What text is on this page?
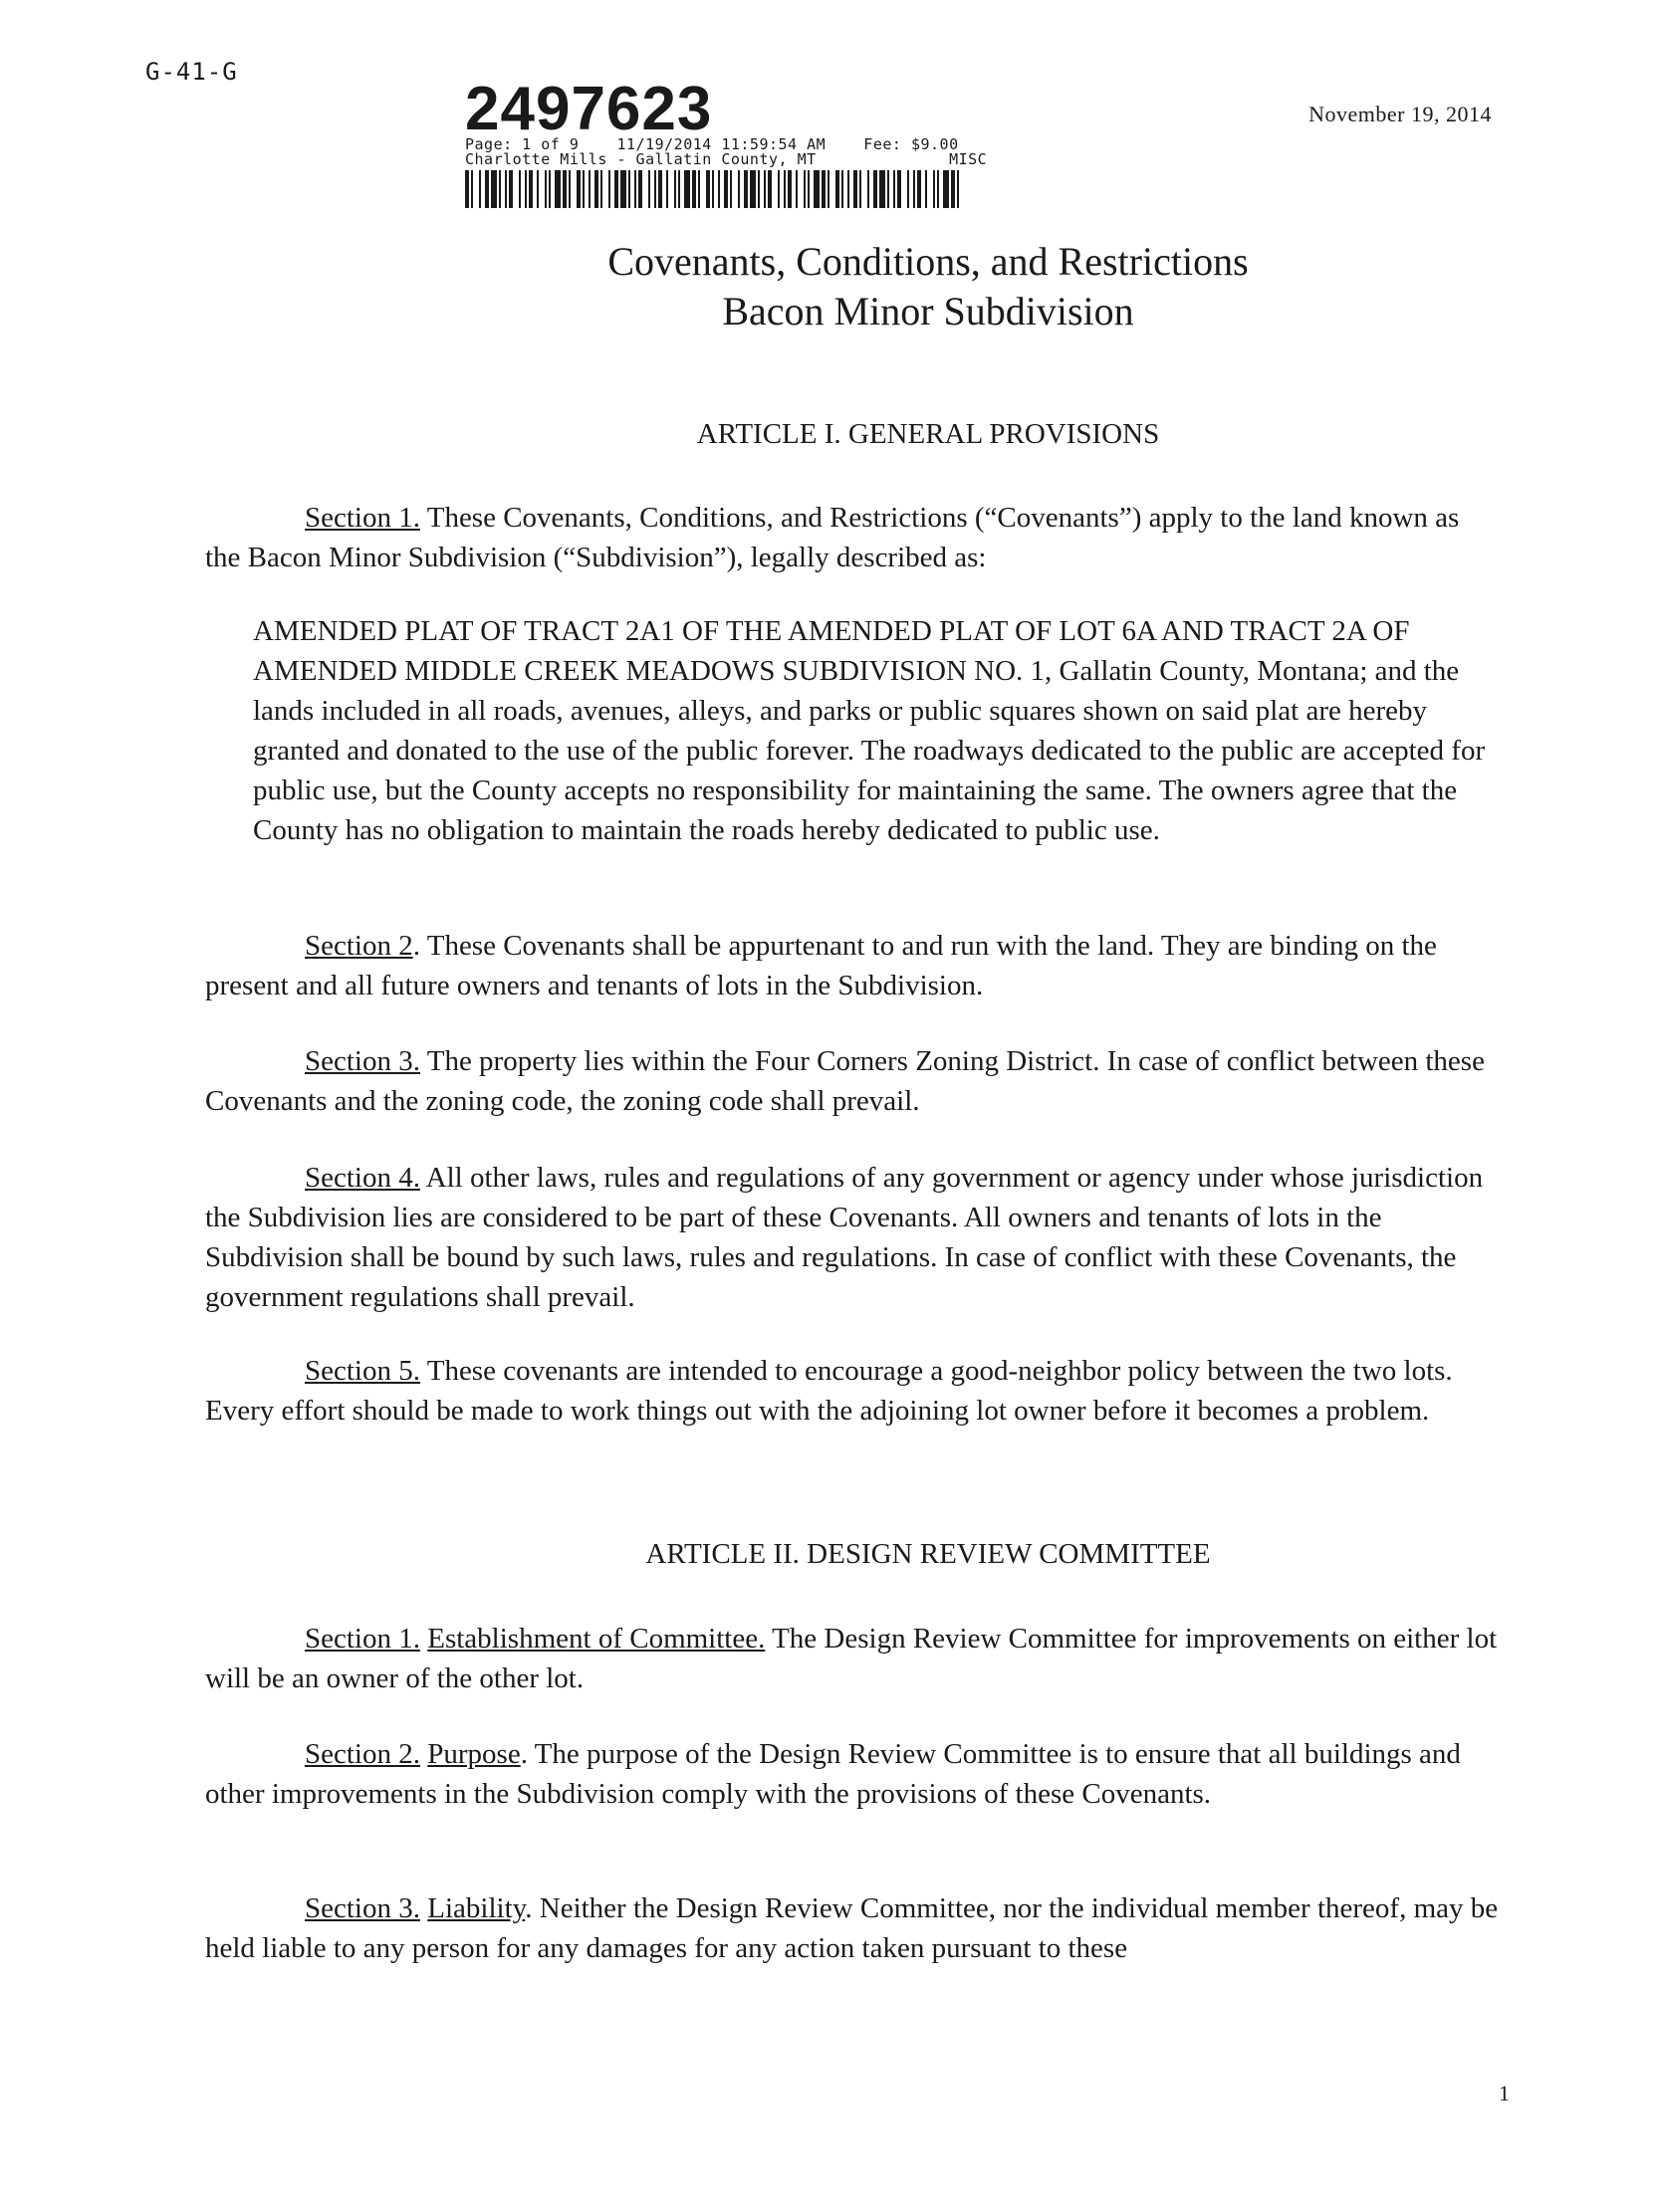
G-41-G
2497623
Page: 1 of 9    11/19/2014 11:59:54 AM    Fee: $9.00
Charlotte Mills - Gallatin County, MT              MISC
November 19, 2014
Covenants, Conditions, and Restrictions
Bacon Minor Subdivision
ARTICLE I. GENERAL PROVISIONS

Section 1. These Covenants, Conditions, and Restrictions (“Covenants”) apply to the land known as the Bacon Minor Subdivision (“Subdivision”), legally described as:

AMENDED PLAT OF TRACT 2A1 OF THE AMENDED PLAT OF LOT 6A AND TRACT 2A OF AMENDED MIDDLE CREEK MEADOWS SUBDIVISION NO. 1, Gallatin County, Montana; and the lands included in all roads, avenues, alleys, and parks or public squares shown on said plat are hereby granted and donated to the use of the public forever. The roadways dedicated to the public are accepted for public use, but the County accepts no responsibility for maintaining the same. The owners agree that the County has no obligation to maintain the roads hereby dedicated to public use.

Section 2. These Covenants shall be appurtenant to and run with the land. They are binding on the present and all future owners and tenants of lots in the Subdivision.

Section 3. The property lies within the Four Corners Zoning District. In case of conflict between these Covenants and the zoning code, the zoning code shall prevail.

Section 4. All other laws, rules and regulations of any government or agency under whose jurisdiction the Subdivision lies are considered to be part of these Covenants. All owners and tenants of lots in the Subdivision shall be bound by such laws, rules and regulations. In case of conflict with these Covenants, the government regulations shall prevail.

Section 5. These covenants are intended to encourage a good-neighbor policy between the two lots. Every effort should be made to work things out with the adjoining lot owner before it becomes a problem.

ARTICLE II. DESIGN REVIEW COMMITTEE

Section 1. Establishment of Committee. The Design Review Committee for improvements on either lot will be an owner of the other lot.

Section 2. Purpose. The purpose of the Design Review Committee is to ensure that all buildings and other improvements in the Subdivision comply with the provisions of these Covenants.

Section 3. Liability. Neither the Design Review Committee, nor the individual member thereof, may be held liable to any person for any damages for any action taken pursuant to these

1
